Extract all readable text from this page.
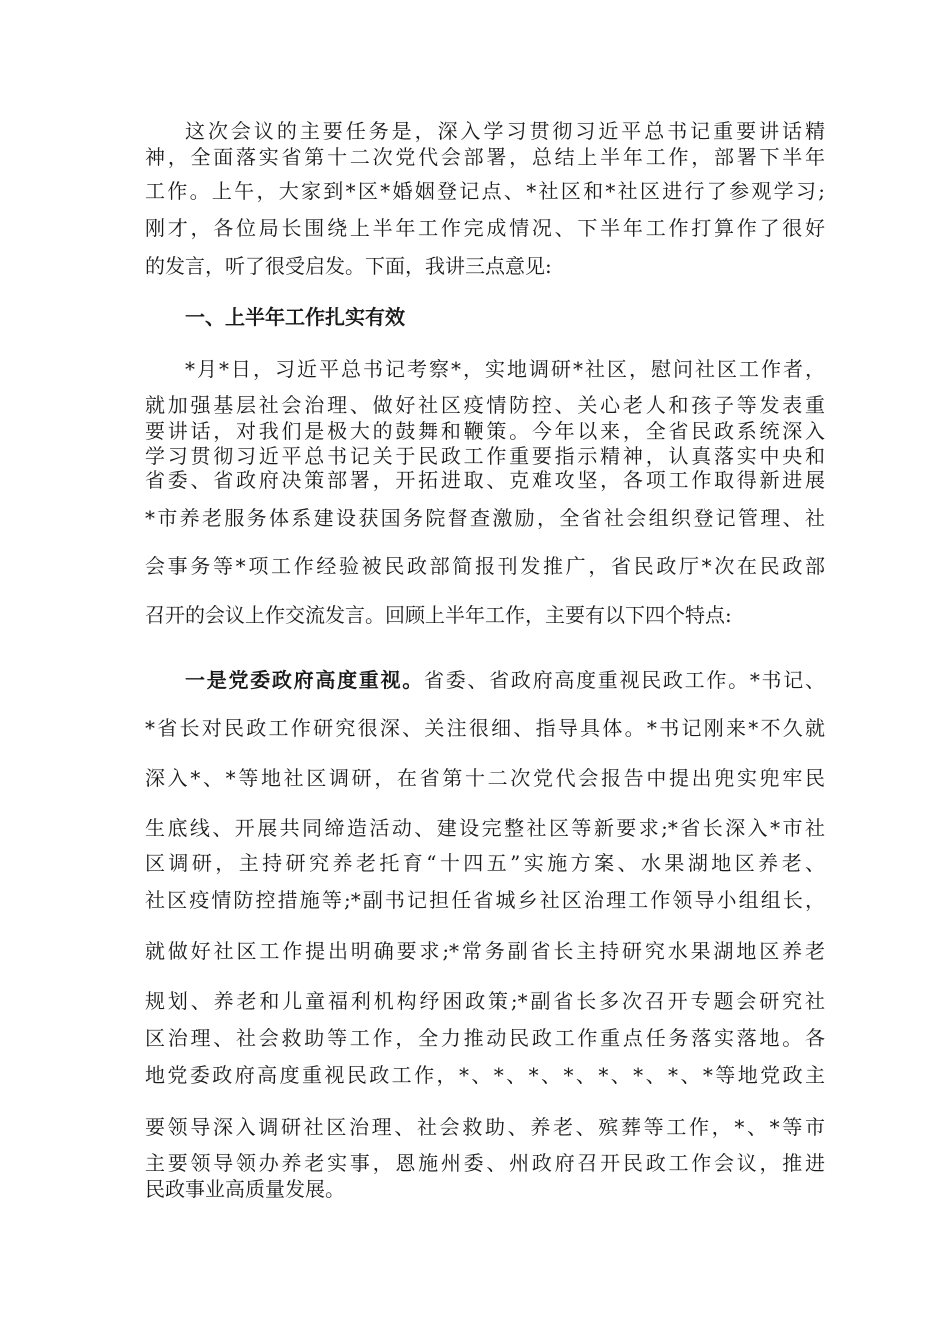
这次会议的主要任务是，深入学习贯彻习近平总书记重要讲话精
神，全面落实省第十二次党代会部署，总结上半年工作，部署下半年
工作。上午，大家到*区*婚姻登记点、*社区和*社区进行了参观学习;
刚才，各位局长围绕上半年工作完成情况、下半年工作打算作了很好
的发言，听了很受启发。下面，我讲三点意见:
一、上半年工作扎实有效
*月*日，习近平总书记考察*，实地调研*社区，慰问社区工作者，
就加强基层社会治理、做好社区疫情防控、关心老人和孩子等发表重
要讲话，对我们是极大的鼓舞和鞭策。今年以来，全省民政系统深入
学习贯彻习近平总书记关于民政工作重要指示精神，认真落实中央和
省委、省政府决策部署，开拓进取、克难攻坚，各项工作取得新进展
*市养老服务体系建设获国务院督查激励，全省社会组织登记管理、社
会事务等*项工作经验被民政部简报刊发推广，省民政厅*次在民政部
召开的会议上作交流发言。回顾上半年工作，主要有以下四个特点:
一是党委政府高度重视。省委、省政府高度重视民政工作。*书记、
*省长对民政工作研究很深、关注很细、指导具体。*书记刚来*不久就
深入*、*等地社区调研，在省第十二次党代会报告中提出兜实兜牢民
生底线、开展共同缔造活动、建设完整社区等新要求;*省长深入*市社
区调研，主持研究养老托育“十四五”实施方案、水果湖地区养老、
社区疫情防控措施等;*副书记担任省城乡社区治理工作领导小组组长，
就做好社区工作提出明确要求;*常务副省长主持研究水果湖地区养老
规划、养老和儿童福利机构纾困政策;*副省长多次召开专题会研究社
区治理、社会救助等工作，全力推动民政工作重点任务落实落地。各
地党委政府高度重视民政工作，*、*、*、*、*、*、*、*等地党政主
要领导深入调研社区治理、社会救助、养老、殡葬等工作，*、*等市
主要领导领办养老实事，恩施州委、州政府召开民政工作会议，推进
民政事业高质量发展。
